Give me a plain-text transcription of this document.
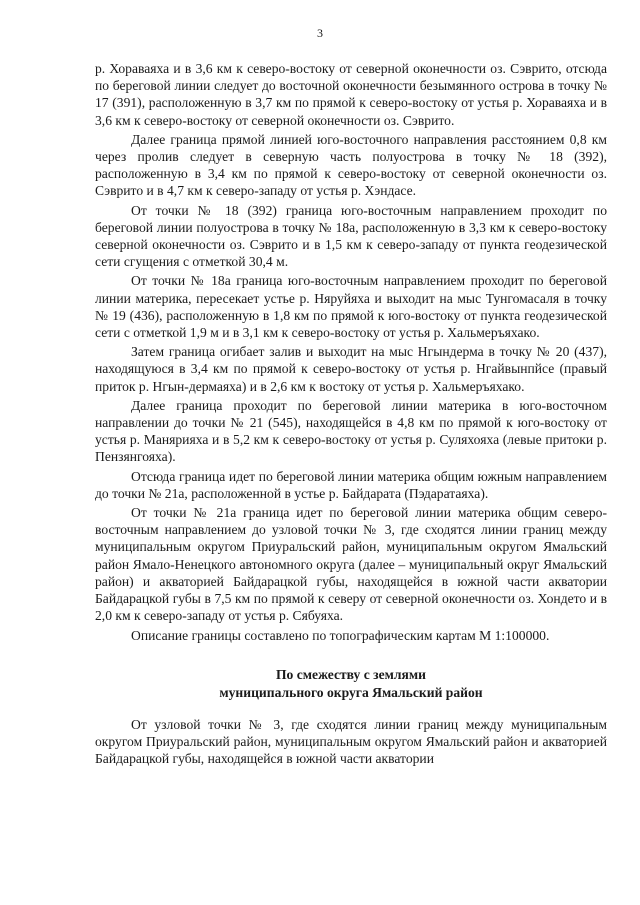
3

р. Хораваяха и в 3,6 км к северо-востоку от северной оконечности оз. Сэврито, отсюда по береговой линии следует до восточной оконечности безымянного острова в точку № 17 (391), расположенную в 3,7 км по прямой к северо-востоку от устья р. Хораваяха и в 3,6 км к северо-востоку от северной оконечности оз. Сэврито.

Далее граница прямой линией юго-восточного направления расстоянием 0,8 км через пролив следует в северную часть полуострова в точку № 18 (392), расположенную в 3,4 км по прямой к северо-востоку от северной оконечности оз. Сэврито и в 4,7 км к северо-западу от устья р. Хэндасе.

От точки № 18 (392) граница юго-восточным направлением проходит по береговой линии полуострова в точку № 18а, расположенную в 3,3 км к северо-востоку северной оконечности оз. Сэврито и в 1,5 км к северо-западу от пункта геодезической сети сгущения с отметкой 30,4 м.

От точки № 18а граница юго-восточным направлением проходит по береговой линии материка, пересекает устье р. Няруйяха и выходит на мыс Тунгомасаля в точку № 19 (436), расположенную в 1,8 км по прямой к юго-востоку от пункта геодезической сети с отметкой 1,9 м и в 3,1 км к северо-востоку от устья р. Хальмеръяхако.

Затем граница огибает залив и выходит на мыс Нгындерма в точку № 20 (437), находящуюся в 3,4 км по прямой к северо-востоку от устья р. Нгайвынпйсе (правый приток р. Нгын-дермаяха) и в 2,6 км к востоку от устья р. Хальмеръяхако.

Далее граница проходит по береговой линии материка в юго-восточном направлении до точки № 21 (545), находящейся в 4,8 км по прямой к юго-востоку от устья р. Манярияха и в 5,2 км к северо-востоку от устья р. Суляхояха (левые притоки р. Пензянгояха).

Отсюда граница идет по береговой линии материка общим южным направлением до точки № 21а, расположенной в устье р. Байдарата (Пэдаратаяха).

От точки № 21а граница идет по береговой линии материка общим северо-восточным направлением до узловой точки № 3, где сходятся линии границ между муниципальным округом Приуральский район, муниципальным округом Ямальский район Ямало-Ненецкого автономного округа (далее – муниципальный округ Ямальский район) и акваторией Байдарацкой губы, находящейся в южной части акватории Байдарацкой губы в 7,5 км по прямой к северу от северной оконечности оз. Хондето и в 2,0 км к северо-западу от устья р. Сябуяха.

Описание границы составлено по топографическим картам М 1:100000.

По смежеству с землями
муниципального округа Ямальский район

От узловой точки № 3, где сходятся линии границ между муниципальным округом Приуральский район, муниципальным округом Ямальский район и акваторией Байдарацкой губы, находящейся в южной части акватории
